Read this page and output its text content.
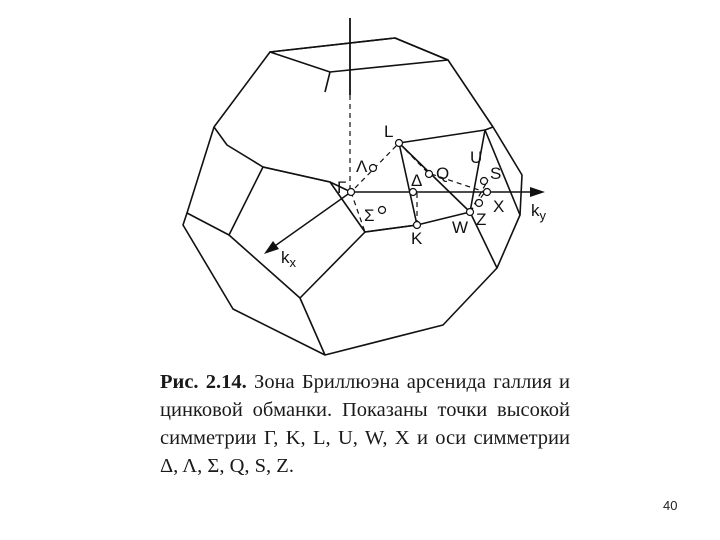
L
Λ
Γ	Δ Q
U
S
X
Z
W
K
Σ	$k_y$
$k_x$

Рис. 2.14. Зона Бриллюэна арсенида галлия и цинковой обманки. Показаны точки высокой симметрии Γ, K, L, U, W, X и оси симметрии Δ, Λ, Σ, Q, S, Z.

40
